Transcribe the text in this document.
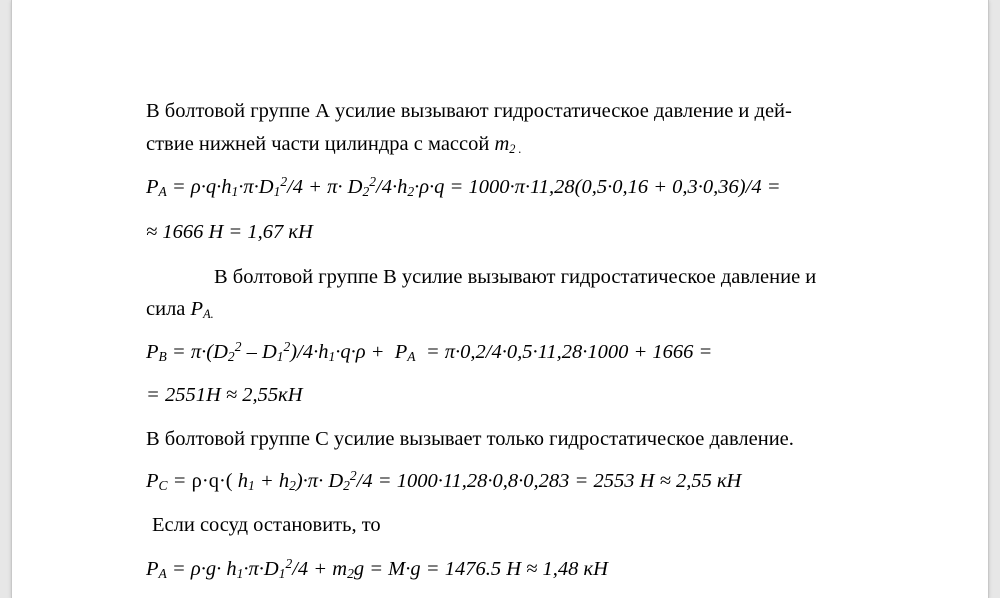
В болтовой группе А усилие вызывают гидростатическое давление и дей-
ствие нижней части цилиндра с массой $m_{2 .}$
$P_A = \rho\cdot q\cdot h_1\cdot\pi\cdot D_1^2/4 + \pi\cdot D_2^2/4\cdot h_2\cdot\rho\cdot q = 1000\cdot\pi\cdot 11,28(0,5\cdot 0,16 + 0,3\cdot 0,36)/4$ =
≈ 1666 Н = 1,67 кН
В болтовой группе В усилие вызывают гидростатическое давление и
сила $P_{A.}$
$P_B = \pi\cdot(D_2^2 - D_1^2)/4\cdot h_1\cdot q\cdot\rho + P_A = \pi\cdot 0,2/4\cdot 0,5\cdot 11,28\cdot 1000 + 1666$ =
= 2551Н ≈ 2,55кН
В болтовой группе С усилие вызывает только гидростатическое давление.
$P_C = \rho\cdot q\cdot$( $h_1 + h_2)\cdot\pi\cdot D_2^2/4 = 1000\cdot 11,28\cdot 0,8\cdot 0,283 = 2553$ Н ≈ 2,55 кН
Если сосуд остановить, то
$P_A = \rho\cdot g\cdot h_1\cdot\pi\cdot D_1^2/4 + m_2g = M\cdot g = 1476.5$ Н ≈ 1,48 кН
